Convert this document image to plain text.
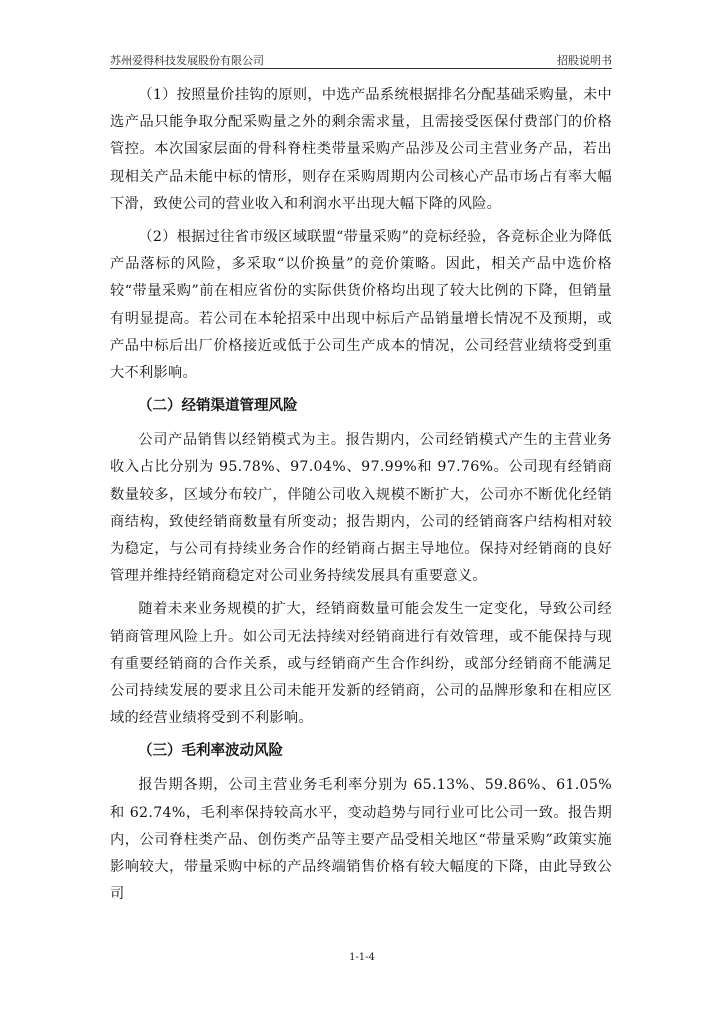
苏州爱得科技发展股份有限公司	招股说明书

（1）按照量价挂钩的原则，中选产品系统根据排名分配基础采购量，未中选产品只能争取分配采购量之外的剩余需求量，且需接受医保付费部门的价格管控。本次国家层面的骨科脊柱类带量采购产品涉及公司主营业务产品，若出现相关产品未能中标的情形，则存在采购周期内公司核心产品市场占有率大幅下滑，致使公司的营业收入和利润水平出现大幅下降的风险。

（2）根据过往省市级区域联盟“带量采购”的竞标经验，各竞标企业为降低产品落标的风险，多采取“以价换量”的竞价策略。因此，相关产品中选价格较“带量采购”前在相应省份的实际供货价格均出现了较大比例的下降，但销量有明显提高。若公司在本轮招采中出现中标后产品销量增长情况不及预期，或产品中标后出厂价格接近或低于公司生产成本的情况，公司经营业绩将受到重大不利影响。

（二）经销渠道管理风险

公司产品销售以经销模式为主。报告期内，公司经销模式产生的主营业务收入占比分别为 95.78%、97.04%、97.99%和 97.76%。公司现有经销商数量较多，区域分布较广，伴随公司收入规模不断扩大，公司亦不断优化经销商结构，致使经销商数量有所变动；报告期内，公司的经销商客户结构相对较为稳定，与公司有持续业务合作的经销商占据主导地位。保持对经销商的良好管理并维持经销商稳定对公司业务持续发展具有重要意义。

随着未来业务规模的扩大，经销商数量可能会发生一定变化，导致公司经销商管理风险上升。如公司无法持续对经销商进行有效管理，或不能保持与现有重要经销商的合作关系，或与经销商产生合作纠纷，或部分经销商不能满足公司持续发展的要求且公司未能开发新的经销商，公司的品牌形象和在相应区域的经营业绩将受到不利影响。

（三）毛利率波动风险

报告期各期，公司主营业务毛利率分别为 65.13%、59.86%、61.05%和 62.74%，毛利率保持较高水平，变动趋势与同行业可比公司一致。报告期内，公司脊柱类产品、创伤类产品等主要产品受相关地区“带量采购”政策实施影响较大，带量采购中标的产品终端销售价格有较大幅度的下降，由此导致公司

1-1-4
